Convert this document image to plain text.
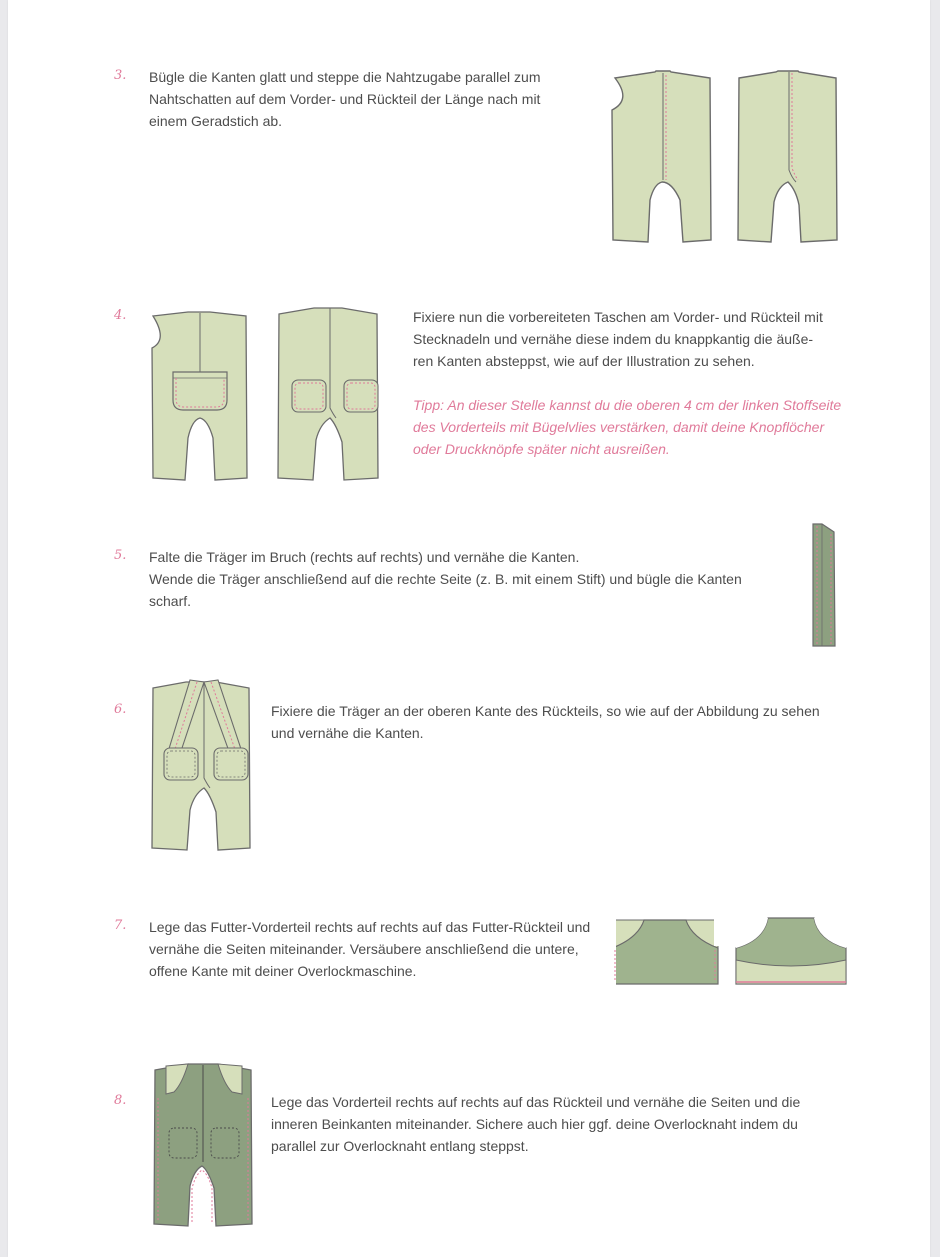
3. Bügle die Kanten glatt und steppe die Nahtzugabe parallel zum

Nahtschatten auf dem Vorder- und Rückteil der Länge nach mit

einem Geradstich ab.

4.	Fixiere nun die vorbereiteten Taschen am Vorder- und Rückteil mit

Stecknadeln und vernähe diese indem du knappkantig die äuße-

ren Kanten absteppst, wie auf der Illustration zu sehen.

Tipp: An dieser Stelle kannst du die oberen 4 cm der linken Stoffseite

des Vorderteils mit Bügelvlies verstärken, damit deine Knopflöcher

oder Druckknöpfe später nicht ausreißen.

5. Falte die Träger im Bruch (rechts auf rechts) und vernähe die Kanten.

Wende die Träger anschließend auf die rechte Seite (z. B. mit einem Stift) und bügle die Kanten

scharf.

6.	Fixiere die Träger an der oberen Kante des Rückteils, so wie auf der Abbildung zu sehen

und vernähe die Kanten.

7. Lege das Futter-Vorderteil rechts auf rechts auf das Futter-Rückteil und

vernähe die Seiten miteinander. Versäubere anschließend die untere,

offene Kante mit deiner Overlockmaschine.

8.	Lege das Vorderteil rechts auf rechts auf das Rückteil und vernähe die Seiten und die

inneren Beinkanten miteinander. Sichere auch hier ggf. deine Overlocknaht indem du

parallel zur Overlocknaht entlang steppst.
